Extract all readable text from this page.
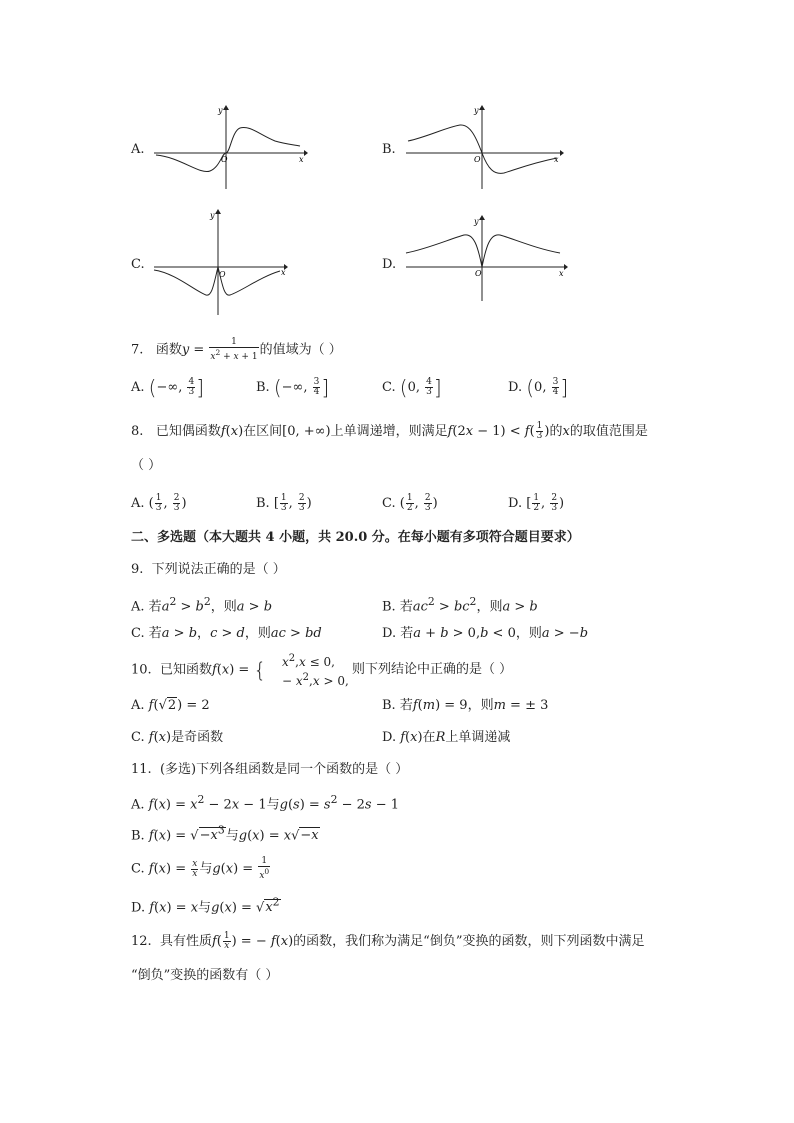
A.
y
x
O
B.
y
x
O
C.
y
x
O
D.
y
x
O
7. 函数$y = \frac{1}{x^2 + x + 1}$ 的值域为（ ）
A. (−∞, $\frac{4}{3}$ ]	B. (−∞, $\frac{3}{4}$ ]	C. (0, $\frac{4}{3}$ ]	D. (0, $\frac{3}{4}$ ]
8. 已知偶函数f(x)在区间[0, +∞)上单调递增，则满足$f(2x - 1) < f( \frac{1}{3}$ )的x的取值范围是
（ ）
A. ( $\frac{1}{3}$ , $\frac{2}{3}$ )	B. [ $\frac{1}{3}$ , $\frac{2}{3}$ )	C. ( $\frac{1}{2}$ , $\frac{2}{3}$ )	D. [ $\frac{1}{2}$ , $\frac{2}{3}$ )
二、多选题（本大题共 4 小题，共 20.0 分。在每小题有多项符合题目要求）
9. 下列说法正确的是（ ）
A. 若$a^2 > b^2$，则a > b	B. 若$ac^2 > bc^2$，则a > b
C. 若a > b，c > d，则ac > bd	D. 若a + b > 0,b < 0，则a > −b
10. 已知函数f(x) = { $x^2,x \le 0$,
− $x^2,x > 0$,
则下列结论中正确的是（ ）
A. f(√2) = 2	B. 若f(m) = 9，则m = ± 3
C. f(x)是奇函数	D. f(x)在R上单调递减
11. (多选)下列各组函数是同一个函数的是（ ）
A. $f(x) = x^2 - 2x - 1$与$g(s) = s^2 - 2s - 1$
B. $f(x) = √-x^3$与g(x) = x√−x
C. $f(x) = \frac{x}{x}$ 与$g(x) = \frac{1}{x^0}$
D. f(x) = x与$g(x) = √x^2$
12. 具有性质$f( \frac{1}{x}$ ) = − f(x)的函数，我们称为满足“倒负”变换的函数，则下列函数中满足
“倒负”变换的函数有（ ）
